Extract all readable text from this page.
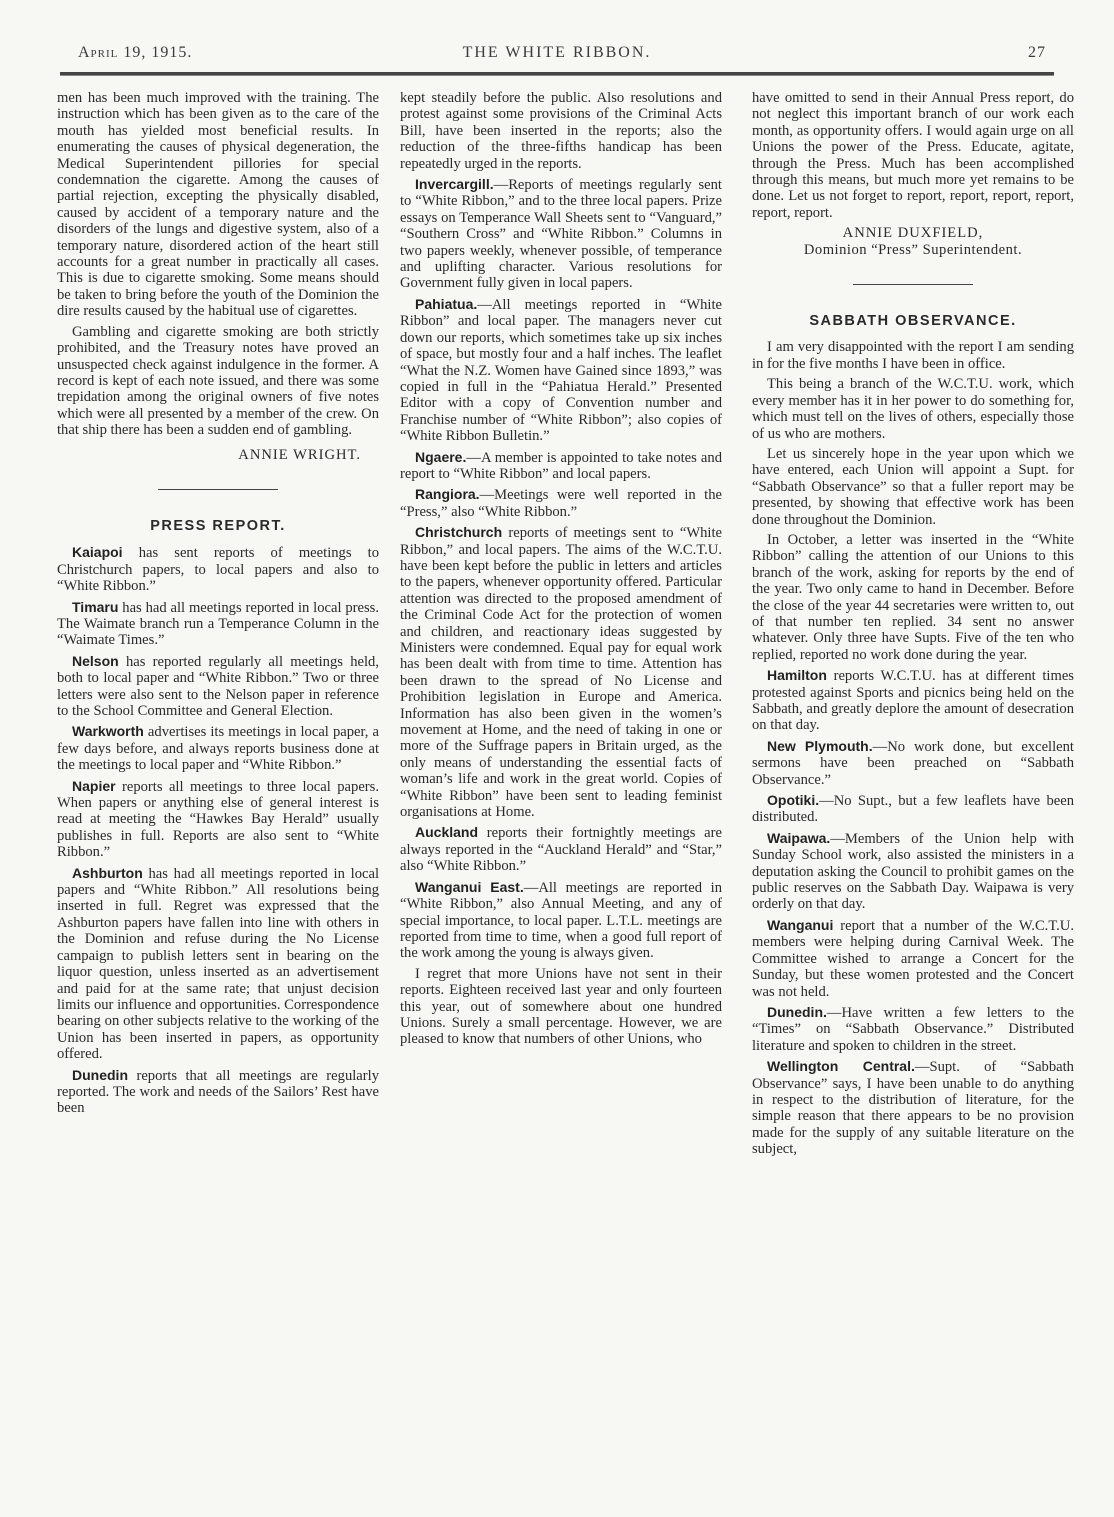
April 19, 1915.	THE WHITE RIBBON.	27

men has been much improved with the training. The instruction which has been given as to the care of the mouth has yielded most beneficial results. In enumerating the causes of physical degeneration, the Medical Superintendent pillories for special condemnation the cigarette. Among the causes of partial rejection, excepting the physically disabled, caused by accident of a temporary nature and the disorders of the lungs and digestive system, also of a temporary nature, disordered action of the heart still accounts for a great number in practically all cases. This is due to cigarette smoking. Some means should be taken to bring before the youth of the Dominion the dire results caused by the habitual use of cigarettes.

Gambling and cigarette smoking are both strictly prohibited, and the Treasury notes have proved an unsuspected check against indulgence in the former. A record is kept of each note issued, and there was some trepidation among the original owners of five notes which were all presented by a member of the crew. On that ship there has been a sudden end of gambling.

ANNIE WRIGHT.
PRESS REPORT.

Kaiapoi has sent reports of meetings to Christchurch papers, to local papers and also to “White Ribbon.”

Timaru has had all meetings reported in local press. The Waimate branch run a Temperance Column in the “Waimate Times.”

Nelson has reported regularly all meetings held, both to local paper and “White Ribbon.” Two or three letters were also sent to the Nelson paper in reference to the School Committee and General Election.

Warkworth advertises its meetings in local paper, a few days before, and always reports business done at the meetings to local paper and “White Ribbon.”

Napier reports all meetings to three local papers. When papers or anything else of general interest is read at meeting the “Hawkes Bay Herald” usually publishes in full. Reports are also sent to “White Ribbon.”

Ashburton has had all meetings reported in local papers and “White Ribbon.” All resolutions being inserted in full. Regret was expressed that the Ashburton papers have fallen into line with others in the Dominion and refuse during the No License campaign to publish letters sent in bearing on the liquor question, unless inserted as an advertisement and paid for at the same rate; that unjust decision limits our influence and opportunities. Correspondence bearing on other subjects relative to the working of the Union has been inserted in papers, as opportunity offered.

Dunedin reports that all meetings are regularly reported. The work and needs of the Sailors’ Rest have been

kept steadily before the public. Also resolutions and protest against some provisions of the Criminal Acts Bill, have been inserted in the reports; also the reduction of the three-fifths handicap has been repeatedly urged in the reports.

Invercargill.—Reports of meetings regularly sent to “White Ribbon,” and to the three local papers. Prize essays on Temperance Wall Sheets sent to “Vanguard,” “Southern Cross” and “White Ribbon.” Columns in two papers weekly, whenever possible, of temperance and uplifting character. Various resolutions for Government fully given in local papers.

Pahiatua.—All meetings reported in “White Ribbon” and local paper. The managers never cut down our reports, which sometimes take up six inches of space, but mostly four and a half inches. The leaflet “What the N.Z. Women have Gained since 1893,” was copied in full in the “Pahiatua Herald.” Presented Editor with a copy of Convention number and Franchise number of “White Ribbon”; also copies of “White Ribbon Bulletin.”

Ngaere.—A member is appointed to take notes and report to “White Ribbon” and local papers.

Rangiora.—Meetings were well reported in the “Press,” also “White Ribbon.”

Christchurch reports of meetings sent to “White Ribbon,” and local papers. The aims of the W.C.T.U. have been kept before the public in letters and articles to the papers, whenever opportunity offered. Particular attention was directed to the proposed amendment of the Criminal Code Act for the protection of women and children, and reactionary ideas suggested by Ministers were condemned. Equal pay for equal work has been dealt with from time to time. Attention has been drawn to the spread of No License and Prohibition legislation in Europe and America. Information has also been given in the women’s movement at Home, and the need of taking in one or more of the Suffrage papers in Britain urged, as the only means of understanding the essential facts of woman’s life and work in the great world. Copies of “White Ribbon” have been sent to leading feminist organisations at Home.

Auckland reports their fortnightly meetings are always reported in the “Auckland Herald” and “Star,” also “White Ribbon.”

Wanganui East.—All meetings are reported in “White Ribbon,” also Annual Meeting, and any of special importance, to local paper. L.T.L. meetings are reported from time to time, when a good full report of the work among the young is always given.

I regret that more Unions have not sent in their reports. Eighteen received last year and only fourteen this year, out of somewhere about one hundred Unions. Surely a small percentage. However, we are pleased to know that numbers of other Unions, who

have omitted to send in their Annual Press report, do not neglect this important branch of our work each month, as opportunity offers. I would again urge on all Unions the power of the Press. Educate, agitate, through the Press. Much has been accomplished through this means, but much more yet remains to be done. Let us not forget to report, report, report, report, report, report.

ANNIE DUXFIELD,
Dominion “Press” Superintendent.
SABBATH OBSERVANCE.

I am very disappointed with the report I am sending in for the five months I have been in office.

This being a branch of the W.C.T.U. work, which every member has it in her power to do something for, which must tell on the lives of others, especially those of us who are mothers.

Let us sincerely hope in the year upon which we have entered, each Union will appoint a Supt. for “Sabbath Observance” so that a fuller report may be presented, by showing that effective work has been done throughout the Dominion.

In October, a letter was inserted in the “White Ribbon” calling the attention of our Unions to this branch of the work, asking for reports by the end of the year. Two only came to hand in December. Before the close of the year 44 secretaries were written to, out of that number ten replied. 34 sent no answer whatever. Only three have Supts. Five of the ten who replied, reported no work done during the year.

Hamilton reports W.C.T.U. has at different times protested against Sports and picnics being held on the Sabbath, and greatly deplore the amount of desecration on that day.

New Plymouth.—No work done, but excellent sermons have been preached on “Sabbath Observance.”

Opotiki.—No Supt., but a few leaflets have been distributed.

Waipawa.—Members of the Union help with Sunday School work, also assisted the ministers in a deputation asking the Council to prohibit games on the public reserves on the Sabbath Day. Waipawa is very orderly on that day.

Wanganui report that a number of the W.C.T.U. members were helping during Carnival Week. The Committee wished to arrange a Concert for the Sunday, but these women protested and the Concert was not held.

Dunedin.—Have written a few letters to the “Times” on “Sabbath Observance.” Distributed literature and spoken to children in the street.

Wellington Central.—Supt. of “Sabbath Observance” says, I have been unable to do anything in respect to the distribution of literature, for the simple reason that there appears to be no provision made for the supply of any suitable literature on the subject,
